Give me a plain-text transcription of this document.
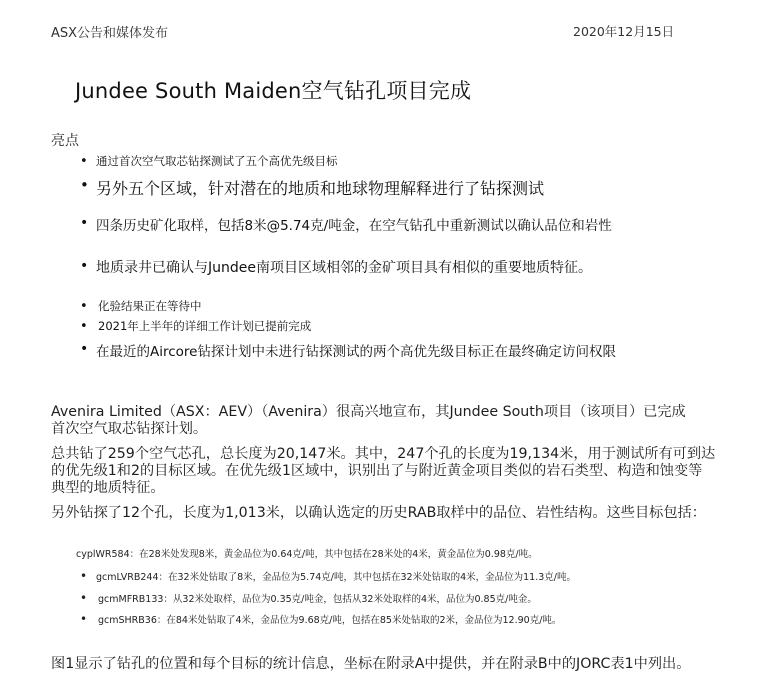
ASX公告和媒体发布	2020年12月15日
Jundee South Maiden空气钻孔项目完成
亮点
• 通过首次空气取芯钻探测试了五个高优先级目标
• 另外五个区域，针对潜在的地质和地球物理解释进行了钻探测试
• 四条历史矿化取样，包括8米@5.74克/吨金，在空气钻孔中重新测试以确认品位和岩性
• 地质录井已确认与Jundee南项目区域相邻的金矿项目具有相似的重要地质特征。
• 化验结果正在等待中
• 2021年上半年的详细工作计划已提前完成
• 在最近的Aircore钻探计划中未进行钻探测试的两个高优先级目标正在最终确定访问权限
Avenira Limited（ASX：AEV）（Avenira）很高兴地宣布，其Jundee South项目（该项目）已完成
首次空气取芯钻探计划。
总共钻了259个空气芯孔，总长度为20,147米。其中，247个孔的长度为19,134米，用于测试所有可到达
的优先级1和2的目标区域。在优先级1区域中，识别出了与附近黄金项目类似的岩石类型、构造和蚀变等
典型的地质特征。
另外钻探了12个孔，长度为1,013米，以确认选定的历史RAB取样中的品位、岩性结构。这些目标包括：
cyplWR584：在28米处发现8米，黄金品位为0.64克/吨，其中包括在28米处的4米，黄金品位为0.98克/吨。
• gcmLVRB244：在32米处钻取了8米，金品位为5.74克/吨，其中包括在32米处钻取的4米，金品位为11.3克/吨。
• gcmMFRB133：从32米处取样，品位为0.35克/吨金，包括从32米处取样的4米，品位为0.85克/吨金。
• gcmSHRB36：在84米处钻取了4米，金品位为9.68克/吨，包括在85米处钻取的2米，金品位为12.90克/吨。
图1显示了钻孔的位置和每个目标的统计信息，坐标在附录A中提供，并在附录B中的JORC表1中列出。
